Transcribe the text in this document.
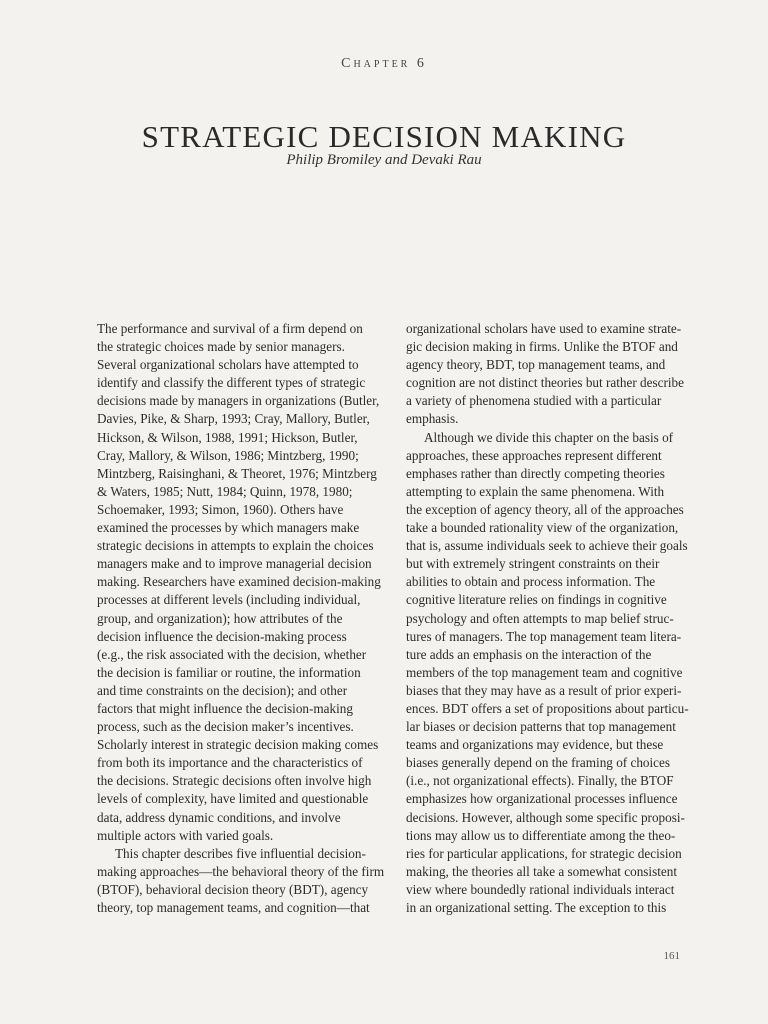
Chapter 6
STRATEGIC DECISION MAKING
Philip Bromiley and Devaki Rau

The performance and survival of a firm depend on
the strategic choices made by senior managers.
Several organizational scholars have attempted to
identify and classify the different types of strategic
decisions made by managers in organizations (Butler,
Davies, Pike, & Sharp, 1993; Cray, Mallory, Butler,
Hickson, & Wilson, 1988, 1991; Hickson, Butler,
Cray, Mallory, & Wilson, 1986; Mintzberg, 1990;
Mintzberg, Raisinghani, & Theoret, 1976; Mintzberg
& Waters, 1985; Nutt, 1984; Quinn, 1978, 1980;
Schoemaker, 1993; Simon, 1960). Others have
examined the processes by which managers make
strategic decisions in attempts to explain the choices
managers make and to improve managerial decision
making. Researchers have examined decision-making
processes at different levels (including individual,
group, and organization); how attributes of the
decision influence the decision-making process
(e.g., the risk associated with the decision, whether
the decision is familiar or routine, the information
and time constraints on the decision); and other
factors that might influence the decision-making
process, such as the decision maker’s incentives.
Scholarly interest in strategic decision making comes
from both its importance and the characteristics of
the decisions. Strategic decisions often involve high
levels of complexity, have limited and questionable
data, address dynamic conditions, and involve
multiple actors with varied goals.

This chapter describes five influential decision-
making approaches—the behavioral theory of the firm
(BTOF), behavioral decision theory (BDT), agency
theory, top management teams, and cognition—that

organizational scholars have used to examine strate-
gic decision making in firms. Unlike the BTOF and
agency theory, BDT, top management teams, and
cognition are not distinct theories but rather describe
a variety of phenomena studied with a particular
emphasis.

Although we divide this chapter on the basis of
approaches, these approaches represent different
emphases rather than directly competing theories
attempting to explain the same phenomena. With
the exception of agency theory, all of the approaches
take a bounded rationality view of the organization,
that is, assume individuals seek to achieve their goals
but with extremely stringent constraints on their
abilities to obtain and process information. The
cognitive literature relies on findings in cognitive
psychology and often attempts to map belief struc-
tures of managers. The top management team litera-
ture adds an emphasis on the interaction of the
members of the top management team and cognitive
biases that they may have as a result of prior experi-
ences. BDT offers a set of propositions about particu-
lar biases or decision patterns that top management
teams and organizations may evidence, but these
biases generally depend on the framing of choices
(i.e., not organizational effects). Finally, the BTOF
emphasizes how organizational processes influence
decisions. However, although some specific proposi-
tions may allow us to differentiate among the theo-
ries for particular applications, for strategic decision
making, the theories all take a somewhat consistent
view where boundedly rational individuals interact
in an organizational setting. The exception to this

161
